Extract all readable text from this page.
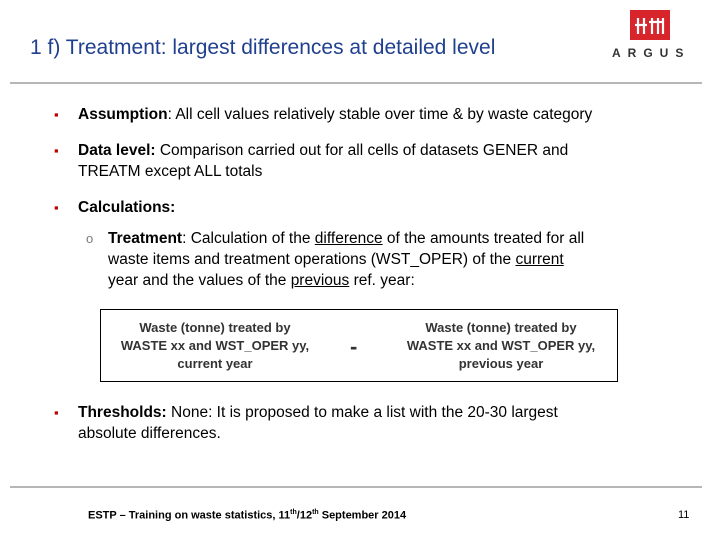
1 f) Treatment: largest differences at detailed level	ARGUS
▪ Assumption: All cell values relatively stable over time & by waste category
▪ Data level: Comparison carried out for all cells of datasets GENER and
TREATM except ALL totals
▪ Calculations:
o Treatment: Calculation of the difference of the amounts treated for all
waste items and treatment operations (WST_OPER) of the current
year and the values of the previous ref. year:
Waste (tonne) treated by
WASTE xx and WST_OPER yy,
current year
-
Waste (tonne) treated by
WASTE xx and WST_OPER yy,
previous year
▪ Thresholds: None: It is proposed to make a list with the 20-30 largest
absolute differences.
ESTP – Training on waste statistics, 11th/12th September 2014	11
